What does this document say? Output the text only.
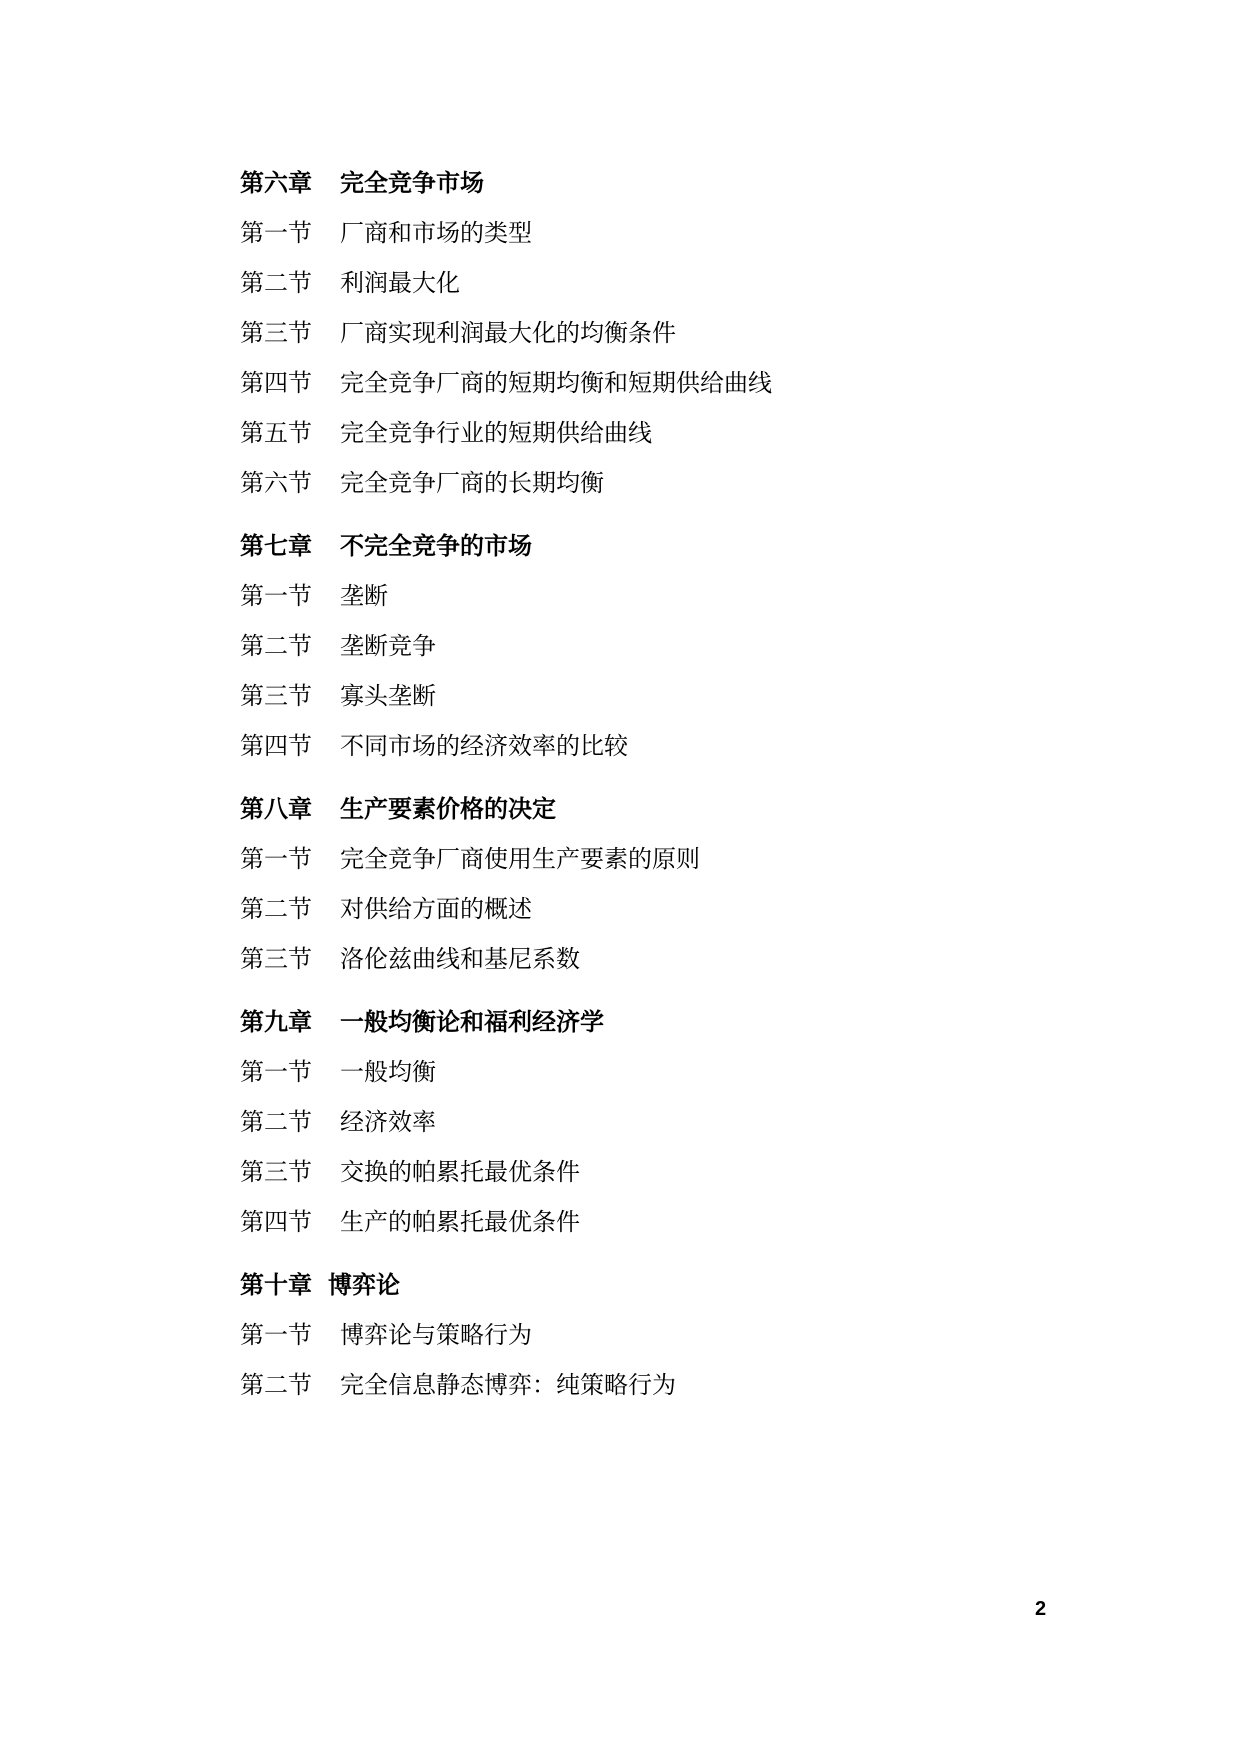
第六章 完全竞争市场
第一节 厂商和市场的类型
第二节 利润最大化
第三节 厂商实现利润最大化的均衡条件
第四节 完全竞争厂商的短期均衡和短期供给曲线
第五节 完全竞争行业的短期供给曲线
第六节 完全竞争厂商的长期均衡
第七章 不完全竞争的市场
第一节 垄断
第二节 垄断竞争
第三节 寡头垄断
第四节 不同市场的经济效率的比较
第八章 生产要素价格的决定
第一节 完全竞争厂商使用生产要素的原则
第二节 对供给方面的概述
第三节 洛伦兹曲线和基尼系数
第九章 一般均衡论和福利经济学
第一节 一般均衡
第二节 经济效率
第三节 交换的帕累托最优条件
第四节 生产的帕累托最优条件
第十章 博弈论
第一节 博弈论与策略行为
第二节 完全信息静态博弈：纯策略行为
2
